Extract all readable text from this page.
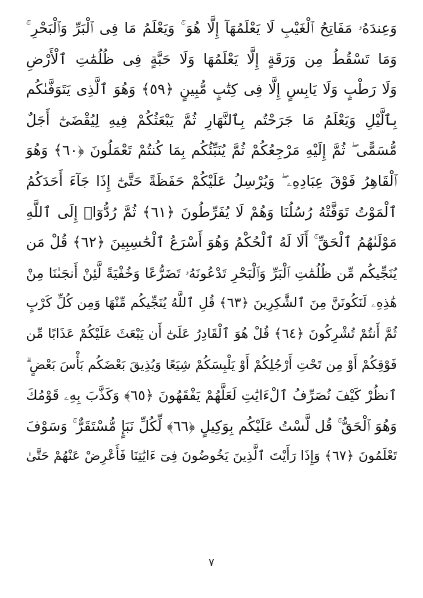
وَعِندَهُۥ مَفَاتِحُ ٱلْغَيْبِ لَا يَعْلَمُهَآ إِلَّا هُوَ ۚ وَيَعْلَمُ مَا فِى ٱلْبَرِّ وَٱلْبَحْرِ ۚ
وَمَا تَسْقُطُ مِن وَرَقَةٍ إِلَّا يَعْلَمُهَا وَلَا حَبَّةٍ فِى ظُلُمَٰتِ ٱلْأَرْضِ
وَلَا رَطْبٍ وَلَا يَابِسٍ إِلَّا فِى كِتَٰبٍ مُّبِينٍ ﴿٥٩﴾ وَهُوَ ٱلَّذِى يَتَوَفَّىٰكُم
بِٱلَّيْلِ وَيَعْلَمُ مَا جَرَحْتُم بِٱلنَّهَارِ ثُمَّ يَبْعَثُكُمْ فِيهِ لِيُقْضَىٰٓ أَجَلٌ
مُّسَمًّى ۖ ثُمَّ إِلَيْهِ مَرْجِعُكُمْ ثُمَّ يُنَبِّئُكُم بِمَا كُنتُمْ تَعْمَلُونَ ﴿٦٠﴾ وَهُوَ
ٱلْقَاهِرُ فَوْقَ عِبَادِهِۦ ۖ وَيُرْسِلُ عَلَيْكُمْ حَفَظَةً حَتَّىٰٓ إِذَا جَآءَ أَحَدَكُمُ
ٱلْمَوْتُ تَوَفَّتْهُ رُسُلُنَا وَهُمْ لَا يُفَرِّطُونَ ﴿٦١﴾ ثُمَّ رُدُّوٓا۟ إِلَى ٱللَّهِ
مَوْلَىٰهُمُ ٱلْحَقِّ ۚ أَلَا لَهُ ٱلْحُكْمُ وَهُوَ أَسْرَعُ ٱلْحَٰسِبِينَ ﴿٦٢﴾ قُلْ مَن
يُنَجِّيكُم مِّن ظُلُمَٰتِ ٱلْبَرِّ وَٱلْبَحْرِ تَدْعُونَهُۥ تَضَرُّعًا وَخُفْيَةً لَّئِنْ أَنجَىٰنَا مِنْ
هَٰذِهِۦ لَنَكُونَنَّ مِنَ ٱلشَّٰكِرِينَ ﴿٦٣﴾ قُلِ ٱللَّهُ يُنَجِّيكُم مِّنْهَا وَمِن كُلِّ كَرْبٍ
ثُمَّ أَنتُمْ تُشْرِكُونَ ﴿٦٤﴾ قُلْ هُوَ ٱلْقَادِرُ عَلَىٰٓ أَن يَبْعَثَ عَلَيْكُمْ عَذَابًا مِّن
فَوْقِكُمْ أَوْ مِن تَحْتِ أَرْجُلِكُمْ أَوْ يَلْبِسَكُمْ شِيَعًا وَيُذِيقَ بَعْضَكُم بَأْسَ بَعْضٍ ۗ
ٱنظُرْ كَيْفَ نُصَرِّفُ ٱلْءَايَٰتِ لَعَلَّهُمْ يَفْقَهُونَ ﴿٦٥﴾ وَكَذَّبَ بِهِۦ قَوْمُكَ
وَهُوَ ٱلْحَقُّ ۚ قُل لَّسْتُ عَلَيْكُم بِوَكِيلٍ ﴿٦٦﴾ لِّكُلِّ نَبَإٍ مُّسْتَقَرٌّ ۚ وَسَوْفَ
تَعْلَمُونَ ﴿٦٧﴾ وَإِذَا رَأَيْتَ ٱلَّذِينَ يَخُوضُونَ فِىٓ ءَايَٰتِنَا فَأَعْرِضْ عَنْهُمْ حَتَّىٰ
٧
